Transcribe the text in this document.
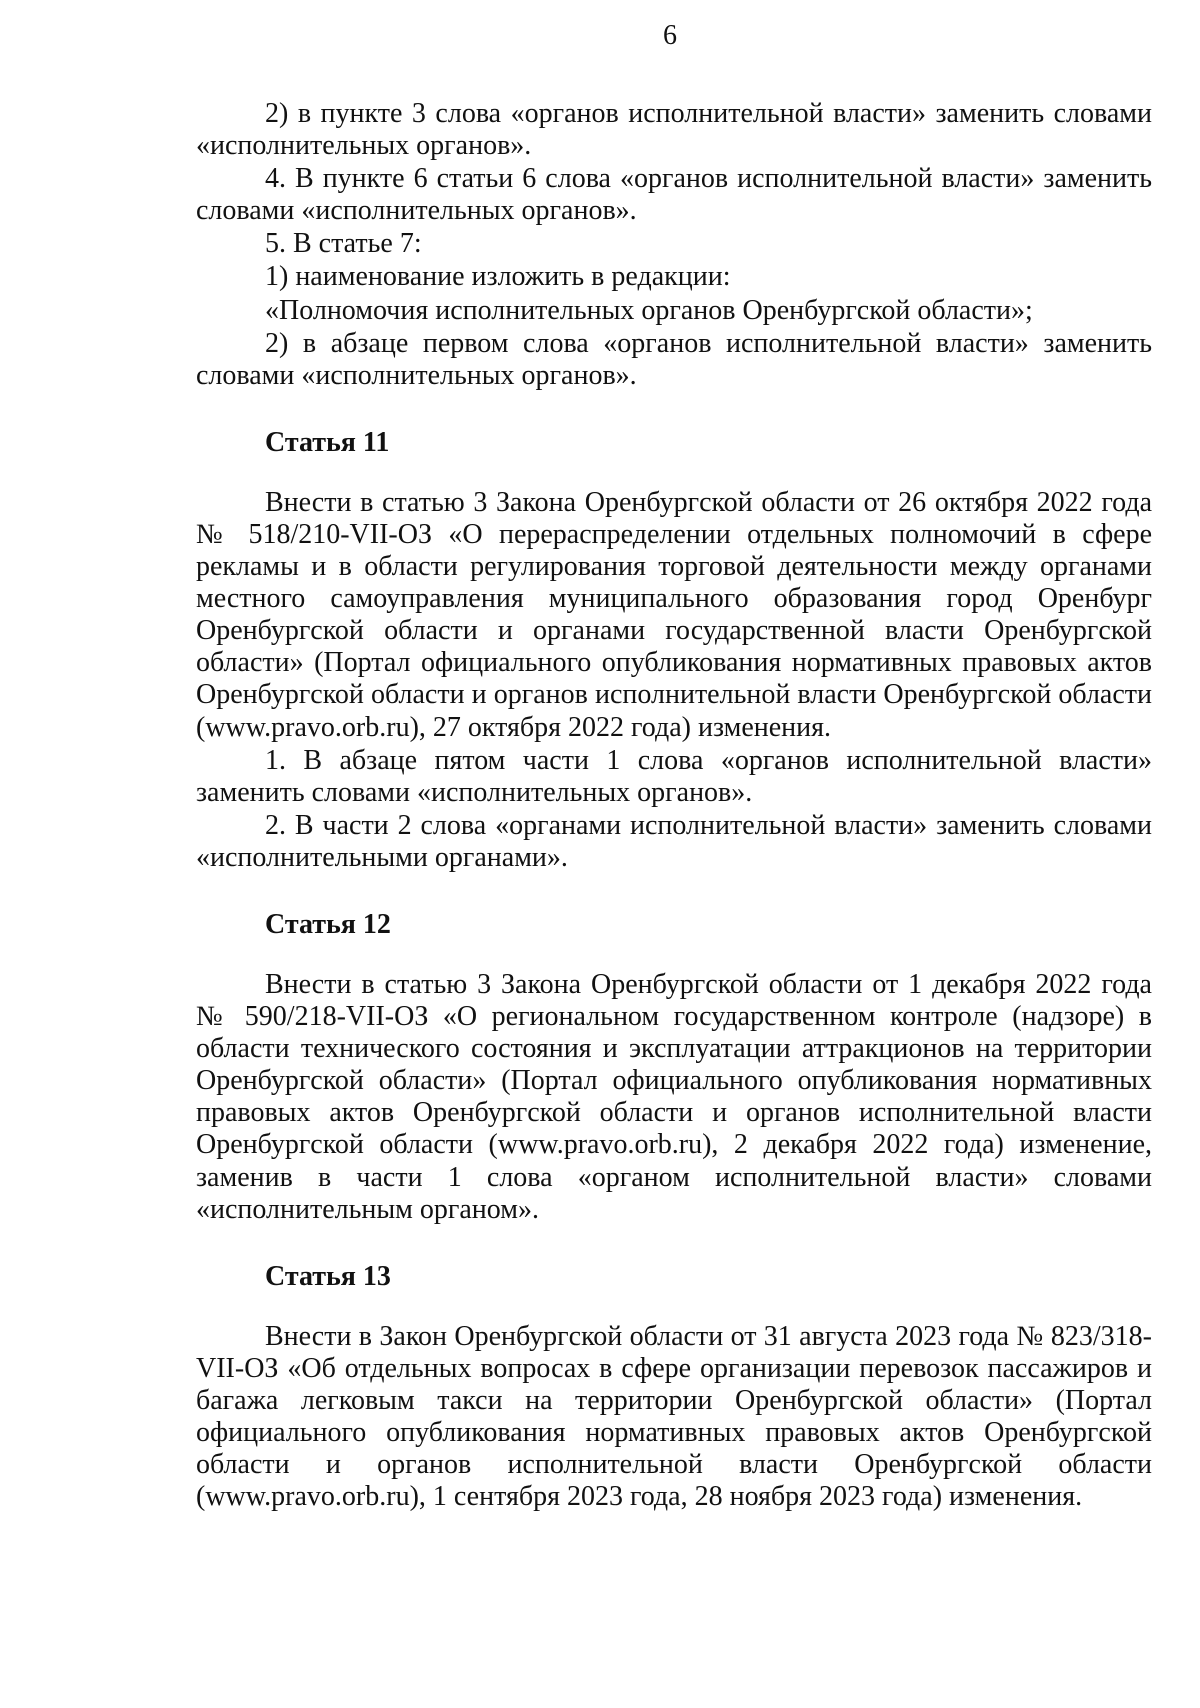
6

2) в пункте 3 слова «органов исполнительной власти» заменить словами «исполнительных органов».

4. В пункте 6 статьи 6 слова «органов исполнительной власти» заменить словами «исполнительных органов».

5. В статье 7:

1) наименование изложить в редакции:

«Полномочия исполнительных органов Оренбургской области»;

2) в абзаце первом слова «органов исполнительной власти» заменить словами «исполнительных органов».

Статья 11

Внести в статью 3 Закона Оренбургской области от 26 октября 2022 года № 518/210-VII-ОЗ «О перераспределении отдельных полномочий в сфере рекламы и в области регулирования торговой деятельности между органами местного самоуправления муниципального образования город Оренбург Оренбургской области и органами государственной власти Оренбургской области» (Портал официального опубликования нормативных правовых актов Оренбургской области и органов исполнительной власти Оренбургской области (www.pravo.orb.ru), 27 октября 2022 года) изменения.

1. В абзаце пятом части 1 слова «органов исполнительной власти» заменить словами «исполнительных органов».

2. В части 2 слова «органами исполнительной власти» заменить словами «исполнительными органами».

Статья 12

Внести в статью 3 Закона Оренбургской области от 1 декабря 2022 года № 590/218-VII-ОЗ «О региональном государственном контроле (надзоре) в области технического состояния и эксплуатации аттракционов на территории Оренбургской области» (Портал официального опубликования нормативных правовых актов Оренбургской области и органов исполнительной власти Оренбургской области (www.pravo.orb.ru), 2 декабря 2022 года) изменение, заменив в части 1 слова «органом исполнительной власти» словами «исполнительным органом».

Статья 13

Внести в Закон Оренбургской области от 31 августа 2023 года № 823/318-VII-ОЗ «Об отдельных вопросах в сфере организации перевозок пассажиров и багажа легковым такси на территории Оренбургской области» (Портал официального опубликования нормативных правовых актов Оренбургской области и органов исполнительной власти Оренбургской области (www.pravo.orb.ru), 1 сентября 2023 года, 28 ноября 2023 года) изменения.
